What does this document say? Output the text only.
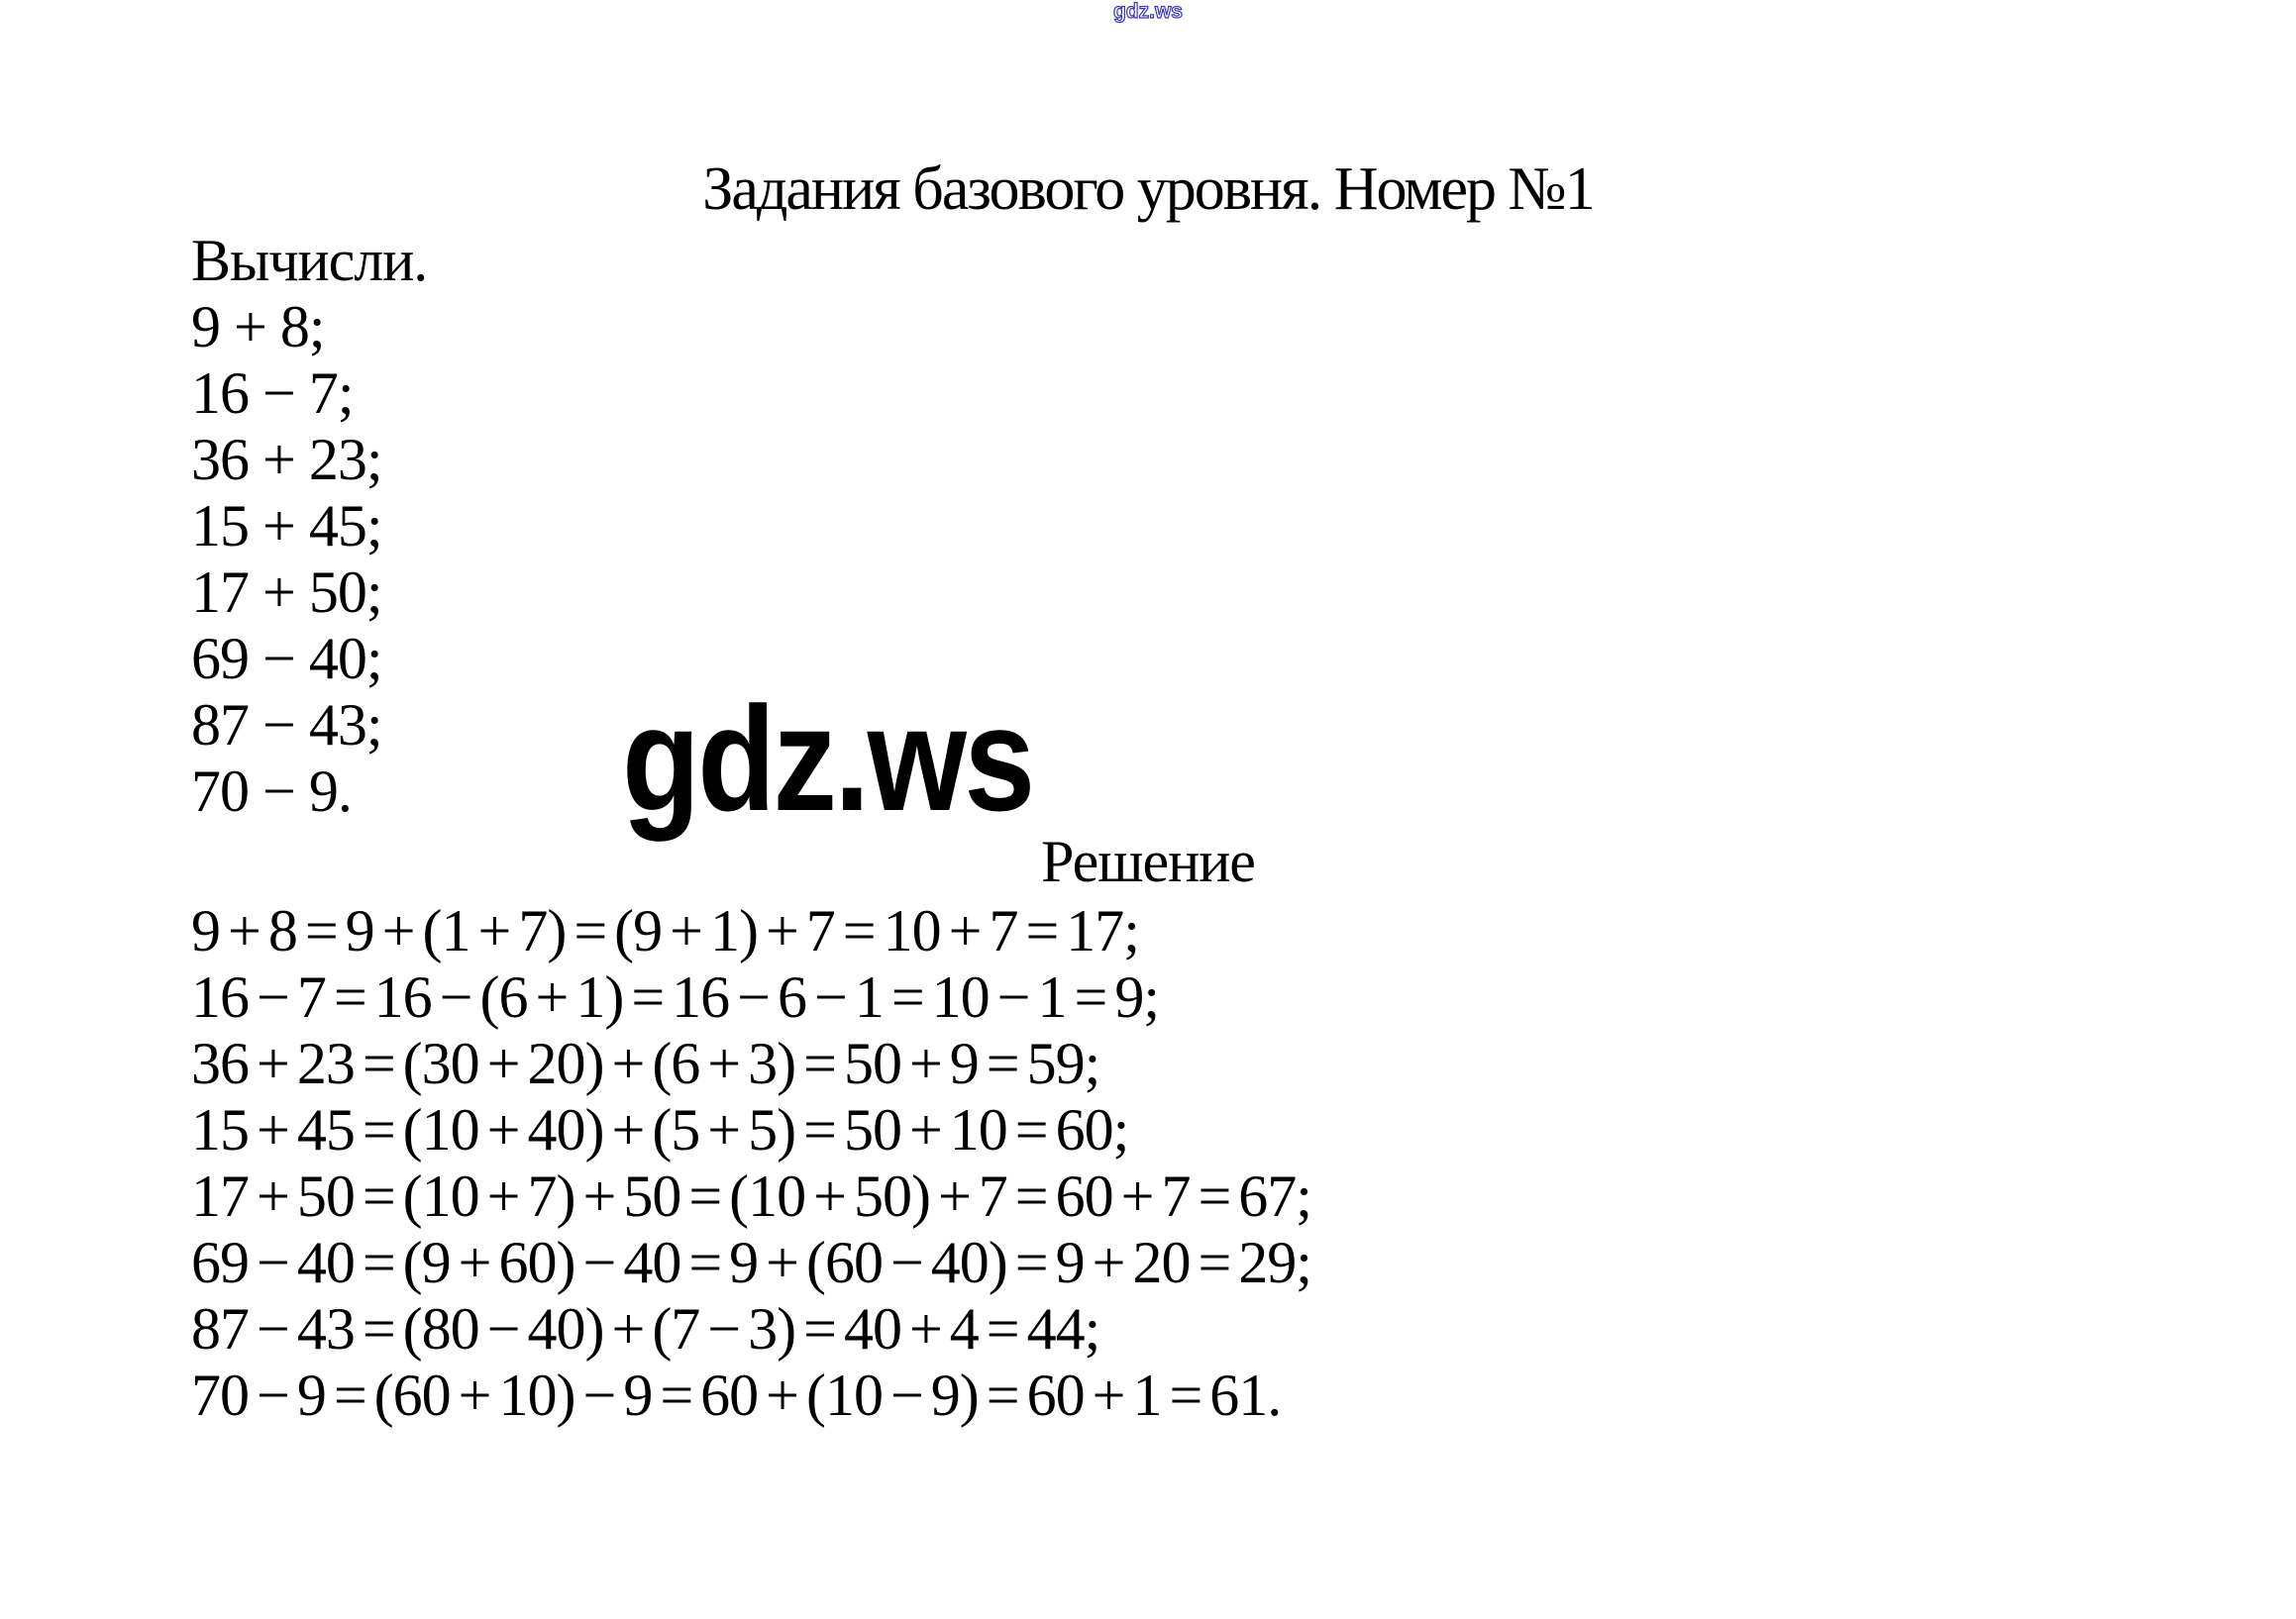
gdz.ws
Задания базового уровня. Номер №1
Вычисли.
9 + 8;
16 − 7;
36 + 23;
15 + 45;
17 + 50;
69 − 40;
87 − 43;
70 − 9.	gdz.ws
Решение
9 + 8 = 9 + (1 + 7) = (9 + 1) + 7 = 10 + 7 = 17;
16 − 7 = 16 − (6 + 1) = 16 − 6 − 1 = 10 − 1 = 9;
36 + 23 = (30 + 20) + (6 + 3) = 50 + 9 = 59;
15 + 45 = (10 + 40) + (5 + 5) = 50 + 10 = 60;
17 + 50 = (10 + 7) + 50 = (10 + 50) + 7 = 60 + 7 = 67;
69 − 40 = (9 + 60) − 40 = 9 + (60 − 40) = 9 + 20 = 29;
87 − 43 = (80 − 40) + (7 − 3) = 40 + 4 = 44;
70 − 9 = (60 + 10) − 9 = 60 + (10 − 9) = 60 + 1 = 61.
